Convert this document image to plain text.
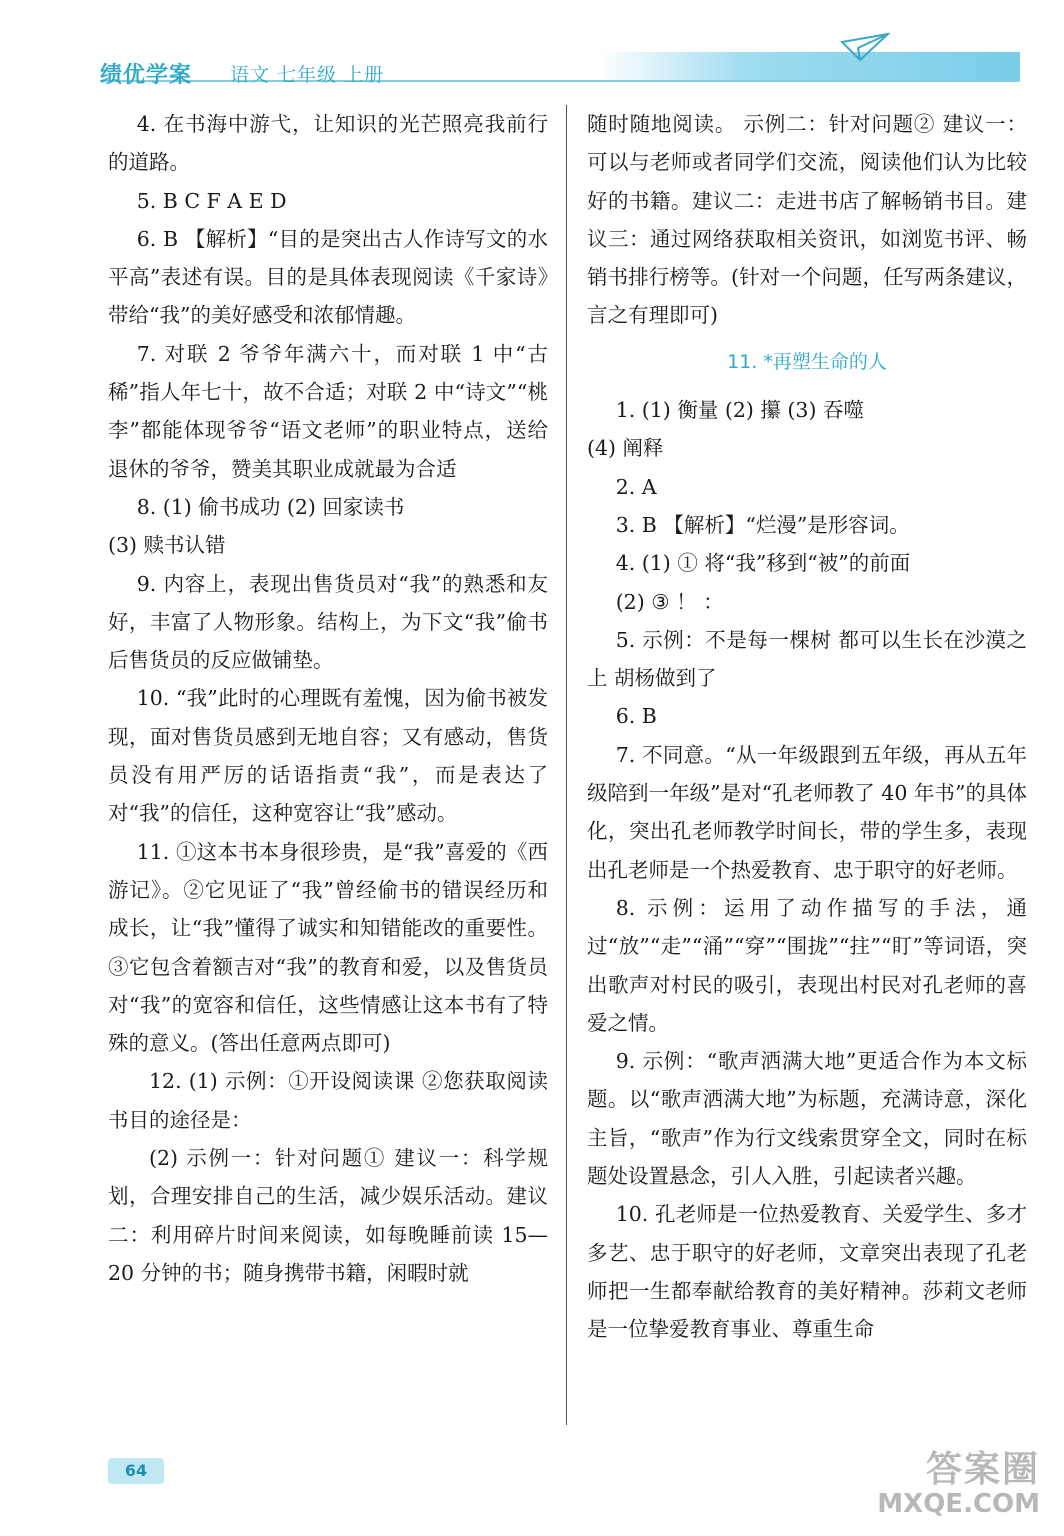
绩优学案 语文 七年级 上册

4. 在书海中游弋，让知识的光芒照亮我前行的道路。

5. B C F A E D

6. B 【解析】“目的是突出古人作诗写文的水平高”表述有误。目的是具体表现阅读《千家诗》带给“我”的美好感受和浓郁情趣。

7. 对联 2 爷爷年满六十，而对联 1 中“古稀”指人年七十，故不合适；对联 2 中“诗文”“桃李”都能体现爷爷“语文老师”的职业特点，送给退休的爷爷，赞美其职业成就最为合适

8. (1) 偷书成功 (2) 回家读书

(3) 赎书认错

9. 内容上，表现出售货员对“我”的熟悉和友好，丰富了人物形象。结构上，为下文“我”偷书后售货员的反应做铺垫。

10. “我”此时的心理既有羞愧，因为偷书被发现，面对售货员感到无地自容；又有感动，售货员没有用严厉的话语指责“我”，而是表达了对“我”的信任，这种宽容让“我”感动。

11. ①这本书本身很珍贵，是“我”喜爱的《西游记》。②它见证了“我”曾经偷书的错误经历和成长，让“我”懂得了诚实和知错能改的重要性。③它包含着额吉对“我”的教育和爱，以及售货员对“我”的宽容和信任，这些情感让这本书有了特殊的意义。(答出任意两点即可)

12. (1) 示例：①开设阅读课 ②您获取阅读书目的途径是：

(2) 示例一：针对问题① 建议一：科学规划，合理安排自己的生活，减少娱乐活动。建议二：利用碎片时间来阅读，如每晚睡前读 15—20 分钟的书；随身携带书籍，闲暇时就

随时随地阅读。 示例二：针对问题② 建议一：可以与老师或者同学们交流，阅读他们认为比较好的书籍。建议二：走进书店了解畅销书目。建议三：通过网络获取相关资讯，如浏览书评、畅销书排行榜等。(针对一个问题，任写两条建议，言之有理即可)

11. *再塑生命的人

1. (1) 衡量 (2) 攥 (3) 吞噬

(4) 阐释

2. A

3. B 【解析】“烂漫”是形容词。

4. (1) ① 将“我”移到“被”的前面

(2) ③ ！ ：

5. 示例：不是每一棵树 都可以生长在沙漠之上 胡杨做到了

6. B

7. 不同意。“从一年级跟到五年级，再从五年级陪到一年级”是对“孔老师教了 40 年书”的具体化，突出孔老师教学时间长，带的学生多，表现出孔老师是一个热爱教育、忠于职守的好老师。

8. 示例：运用了动作描写的手法，通过“放”“走”“涌”“穿”“围拢”“拄”“盯”等词语，突出歌声对村民的吸引，表现出村民对孔老师的喜爱之情。

9. 示例：“歌声洒满大地”更适合作为本文标题。以“歌声洒满大地”为标题，充满诗意，深化主旨，“歌声”作为行文线索贯穿全文，同时在标题处设置悬念，引人入胜，引起读者兴趣。

10. 孔老师是一位热爱教育、关爱学生、多才多艺、忠于职守的好老师，文章突出表现了孔老师把一生都奉献给教育的美好精神。莎莉文老师是一位挚爱教育事业、尊重生命

64	答案圈
MXQE.COM
